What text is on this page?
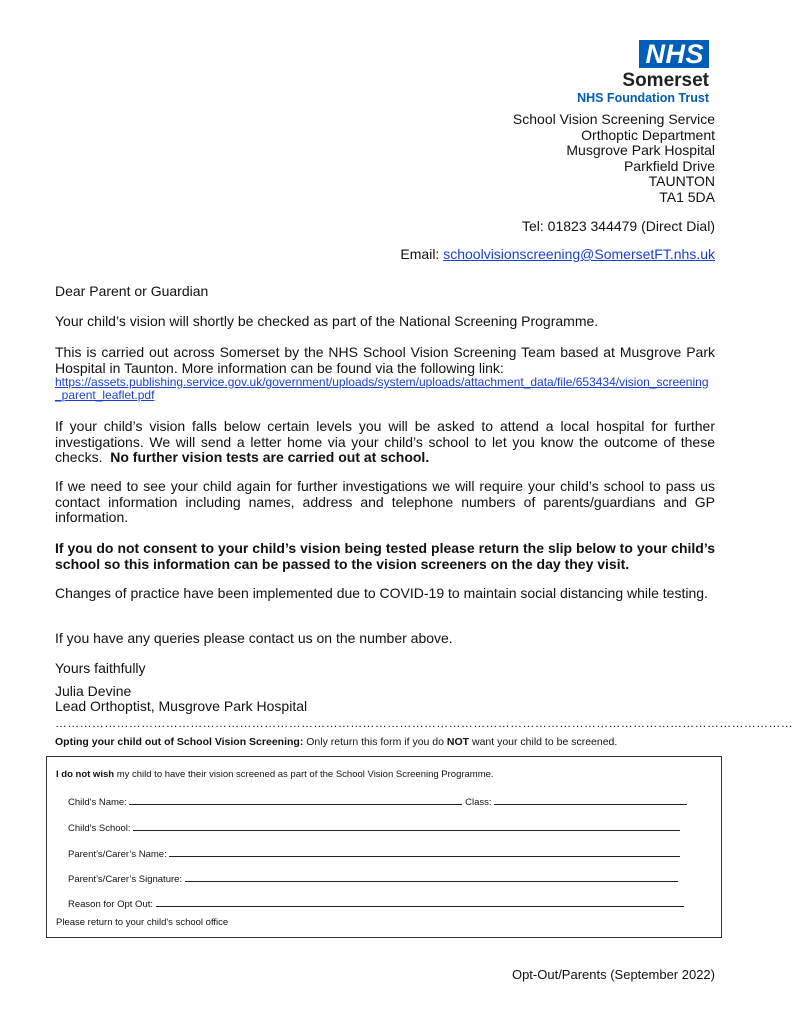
NHS
Somerset
NHS Foundation Trust
School Vision Screening Service
Orthoptic Department
Musgrove Park Hospital
Parkfield Drive
TAUNTON
TA1 5DA
Tel: 01823 344479 (Direct Dial)
Email: schoolvisionscreening@SomersetFT.nhs.uk
Dear Parent or Guardian
Your child’s vision will shortly be checked as part of the National Screening Programme.
This is carried out across Somerset by the NHS School Vision Screening Team based at Musgrove Park Hospital in Taunton. More information can be found via the following link:
https://assets.publishing.service.gov.uk/government/uploads/system/uploads/attachment_data/file/653434/vision_screening_parent_leaflet.pdf
If your child’s vision falls below certain levels you will be asked to attend a local hospital for further investigations. We will send a letter home via your child’s school to let you know the outcome of these checks. No further vision tests are carried out at school.
If we need to see your child again for further investigations we will require your child’s school to pass us contact information including names, address and telephone numbers of parents/guardians and GP information.
If you do not consent to your child’s vision being tested please return the slip below to your child’s school so this information can be passed to the vision screeners on the day they visit.
Changes of practice have been implemented due to COVID-19 to maintain social distancing while testing.
If you have any queries please contact us on the number above.
Yours faithfully
Julia Devine
Lead Orthoptist, Musgrove Park Hospital
………………………………………………………………………………………………………………………………………………………………
Opting your child out of School Vision Screening: Only return this form if you do NOT want your child to be screened.
I do not wish my child to have their vision screened as part of the School Vision Screening Programme.
Child's Name:	Class:
Child's School:
Parent’s/Carer’s Name:
Parent’s/Carer’s Signature:
Reason for Opt Out:
Please return to your child's school office
Opt-Out/Parents (September 2022)
